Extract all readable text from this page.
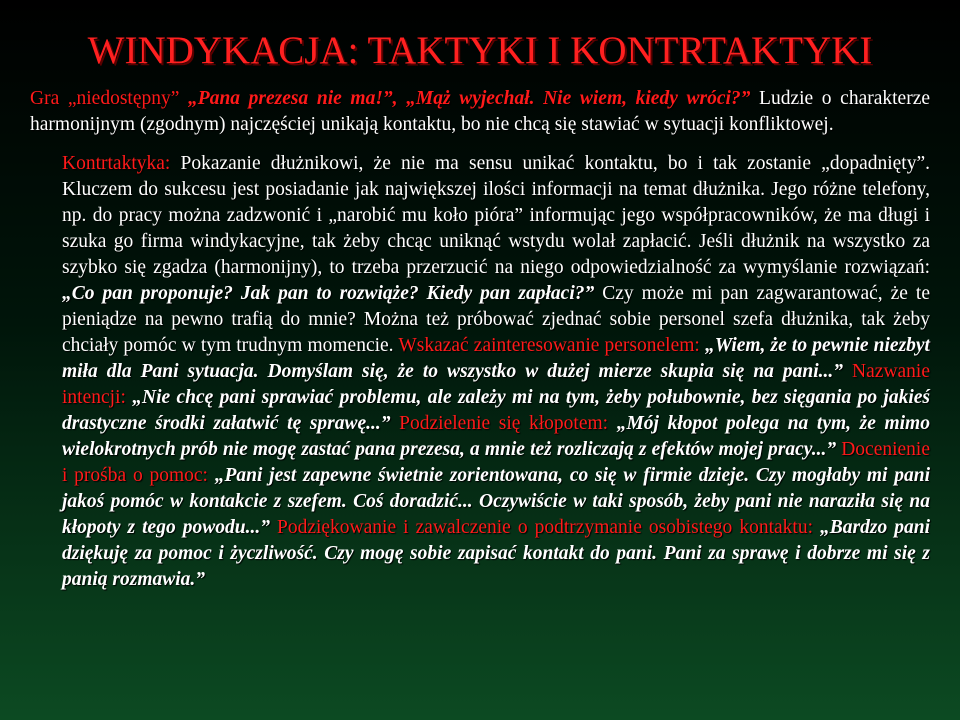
WINDYKACJA: TAKTYKI I KONTRTAKTYKI

Gra „niedostępny” „Pana prezesa nie ma!”, „Mąż wyjechał. Nie wiem, kiedy wróci?” Ludzie o charakterze harmonijnym (zgodnym) najczęściej unikają kontaktu, bo nie chcą się stawiać w sytuacji konfliktowej.

Kontrtaktyka: Pokazanie dłużnikowi, że nie ma sensu unikać kontaktu, bo i tak zostanie „dopadnięty”. Kluczem do sukcesu jest posiadanie jak największej ilości informacji na temat dłużnika. Jego różne telefony, np. do pracy można zadzwonić i „narobić mu koło pióra” informując jego współpracowników, że ma długi i szuka go firma windykacyjne, tak żeby chcąc uniknąć wstydu wolał zapłacić. Jeśli dłużnik na wszystko za szybko się zgadza (harmonijny), to trzeba przerzucić na niego odpowiedzialność za wymyślanie rozwiązań: „Co pan proponuje? Jak pan to rozwiąże? Kiedy pan zapłaci?” Czy może mi pan zagwarantować, że te pieniądze na pewno trafią do mnie? Można też próbować zjednać sobie personel szefa dłużnika, tak żeby chciały pomóc w tym trudnym momencie. Wskazać zainteresowanie personelem: „Wiem, że to pewnie niezbyt miła dla Pani sytuacja. Domyślam się, że to wszystko w dużej mierze skupia się na pani...” Nazwanie intencji: „Nie chcę pani sprawiać problemu, ale zależy mi na tym, żeby połubownie, bez sięgania po jakieś drastyczne środki załatwić tę sprawę...” Podzielenie się kłopotem: „Mój kłopot polega na tym, że mimo wielokrotnych prób nie mogę zastać pana prezesa, a mnie też rozliczają z efektów mojej pracy...” Docenienie i prośba o pomoc: „Pani jest zapewne świetnie zorientowana, co się w firmie dzieje. Czy mogłaby mi pani jakoś pomóc w kontakcie z szefem. Coś doradzić... Oczywiście w taki sposób, żeby pani nie naraziła się na kłopoty z tego powodu...” Podziękowanie i zawalczenie o podtrzymanie osobistego kontaktu: „Bardzo pani dziękuję za pomoc i życzliwość. Czy mogę sobie zapisać kontakt do pani. Pani za sprawę i dobrze mi się z panią rozmawia.”
